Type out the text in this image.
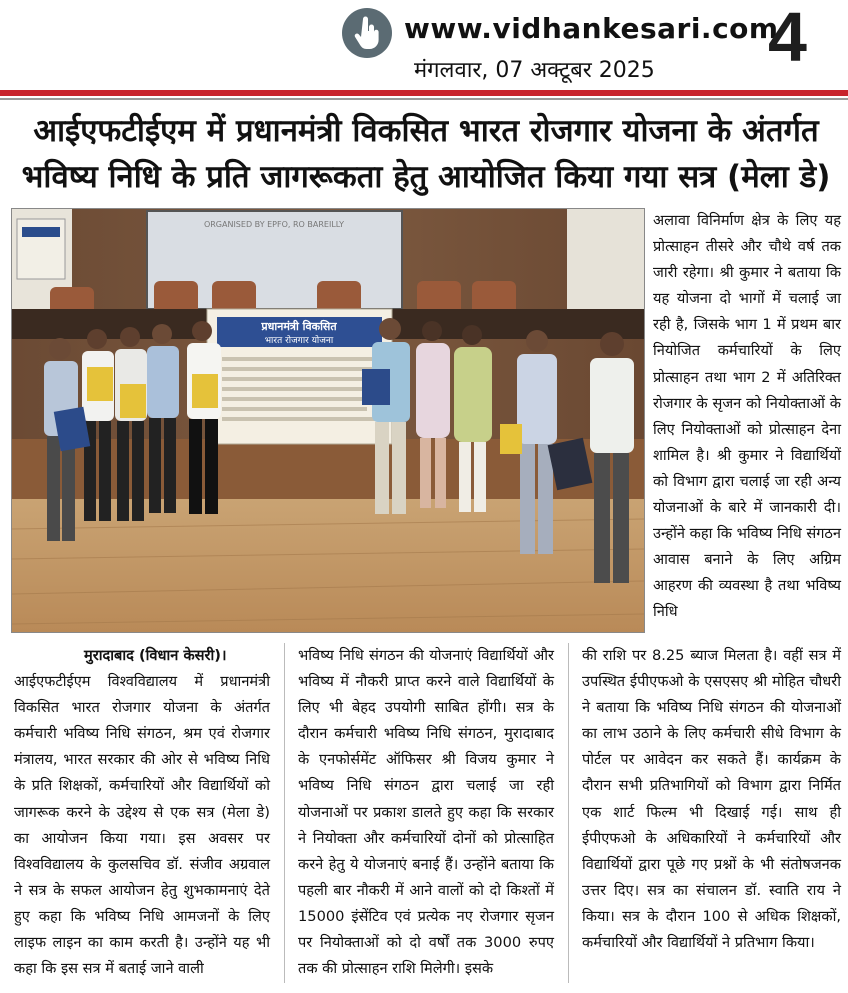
www.vidhankesari.com
मंगलवार, 07 अक्टूबर 2025 4
आईएफटीईएम में प्रधानमंत्री विकसित भारत रोजगार योजना के अंतर्गत
भविष्य निधि के प्रति जागरूकता हेतु आयोजित किया गया सत्र (मेला डे)
ORGANISED BY EPFO, RO BAREILLY
प्रधानमंत्री विकसित
भारत रोजगार योजना

अलावा विनिर्माण क्षेत्र के लिए यह प्रोत्साहन तीसरे और चौथे वर्ष तक जारी रहेगा। श्री कुमार ने बताया कि यह योजना दो भागों में चलाई जा रही है, जिसके भाग 1 में प्रथम बार नियोजित कर्मचारियों के लिए प्रोत्साहन तथा भाग 2 में अतिरिक्त रोजगार के सृजन को नियोक्ताओं के लिए नियोक्ताओं को प्रोत्साहन देना शामिल है। श्री कुमार ने विद्यार्थियों को विभाग द्वारा चलाई जा रही अन्य योजनाओं के बारे में जानकारी दी। उन्होंने कहा कि भविष्य निधि संगठन आवास बनाने के लिए अग्रिम आहरण की व्यवस्था है तथा भविष्य निधि

मुरादाबाद (विधान केसरी)।

आईएफटीईएम विश्वविद्यालय में प्रधानमंत्री विकसित भारत रोजगार योजना के अंतर्गत कर्मचारी भविष्य निधि संगठन, श्रम एवं रोजगार मंत्रालय, भारत सरकार की ओर से भविष्य निधि के प्रति शिक्षकों, कर्मचारियों और विद्यार्थियों को जागरूक करने के उद्देश्य से एक सत्र (मेला डे) का आयोजन किया गया। इस अवसर पर विश्वविद्यालय के कुलसचिव डॉ. संजीव अग्रवाल ने सत्र के सफल आयोजन हेतु शुभकामनाएं देते हुए कहा कि भविष्य निधि आमजनों के लिए लाइफ लाइन का काम करती है। उन्होंने यह भी कहा कि इस सत्र में बताई जाने वाली

भविष्य निधि संगठन की योजनाएं विद्यार्थियों और भविष्य में नौकरी प्राप्त करने वाले विद्यार्थियों के लिए भी बेहद उपयोगी साबित होंगी। सत्र के दौरान कर्मचारी भविष्य निधि संगठन, मुरादाबाद के एनफोर्समेंट ऑफिसर श्री विजय कुमार ने भविष्य निधि संगठन द्वारा चलाई जा रही योजनाओं पर प्रकाश डालते हुए कहा कि सरकार ने नियोक्ता और कर्मचारियों दोनों को प्रोत्साहित करने हेतु ये योजनाएं बनाई हैं। उन्होंने बताया कि पहली बार नौकरी में आने वालों को दो किश्तों में 15000 इंसेंटिव एवं प्रत्येक नए रोजगार सृजन पर नियोक्ताओं को दो वर्षों तक 3000 रुपए तक की प्रोत्साहन राशि मिलेगी। इसके

की राशि पर 8.25 ब्याज मिलता है। वहीं सत्र में उपस्थित ईपीएफओ के एसएसए श्री मोहित चौधरी ने बताया कि भविष्य निधि संगठन की योजनाओं का लाभ उठाने के लिए कर्मचारी सीधे विभाग के पोर्टल पर आवेदन कर सकते हैं। कार्यक्रम के दौरान सभी प्रतिभागियों को विभाग द्वारा निर्मित एक शार्ट फिल्म भी दिखाई गई। साथ ही ईपीएफओ के अधिकारियों ने कर्मचारियों और विद्यार्थियों द्वारा पूछे गए प्रश्नों के भी संतोषजनक उत्तर दिए। सत्र का संचालन डॉ. स्वाति राय ने किया। सत्र के दौरान 100 से अधिक शिक्षकों, कर्मचारियों और विद्यार्थियों ने प्रतिभाग किया।
